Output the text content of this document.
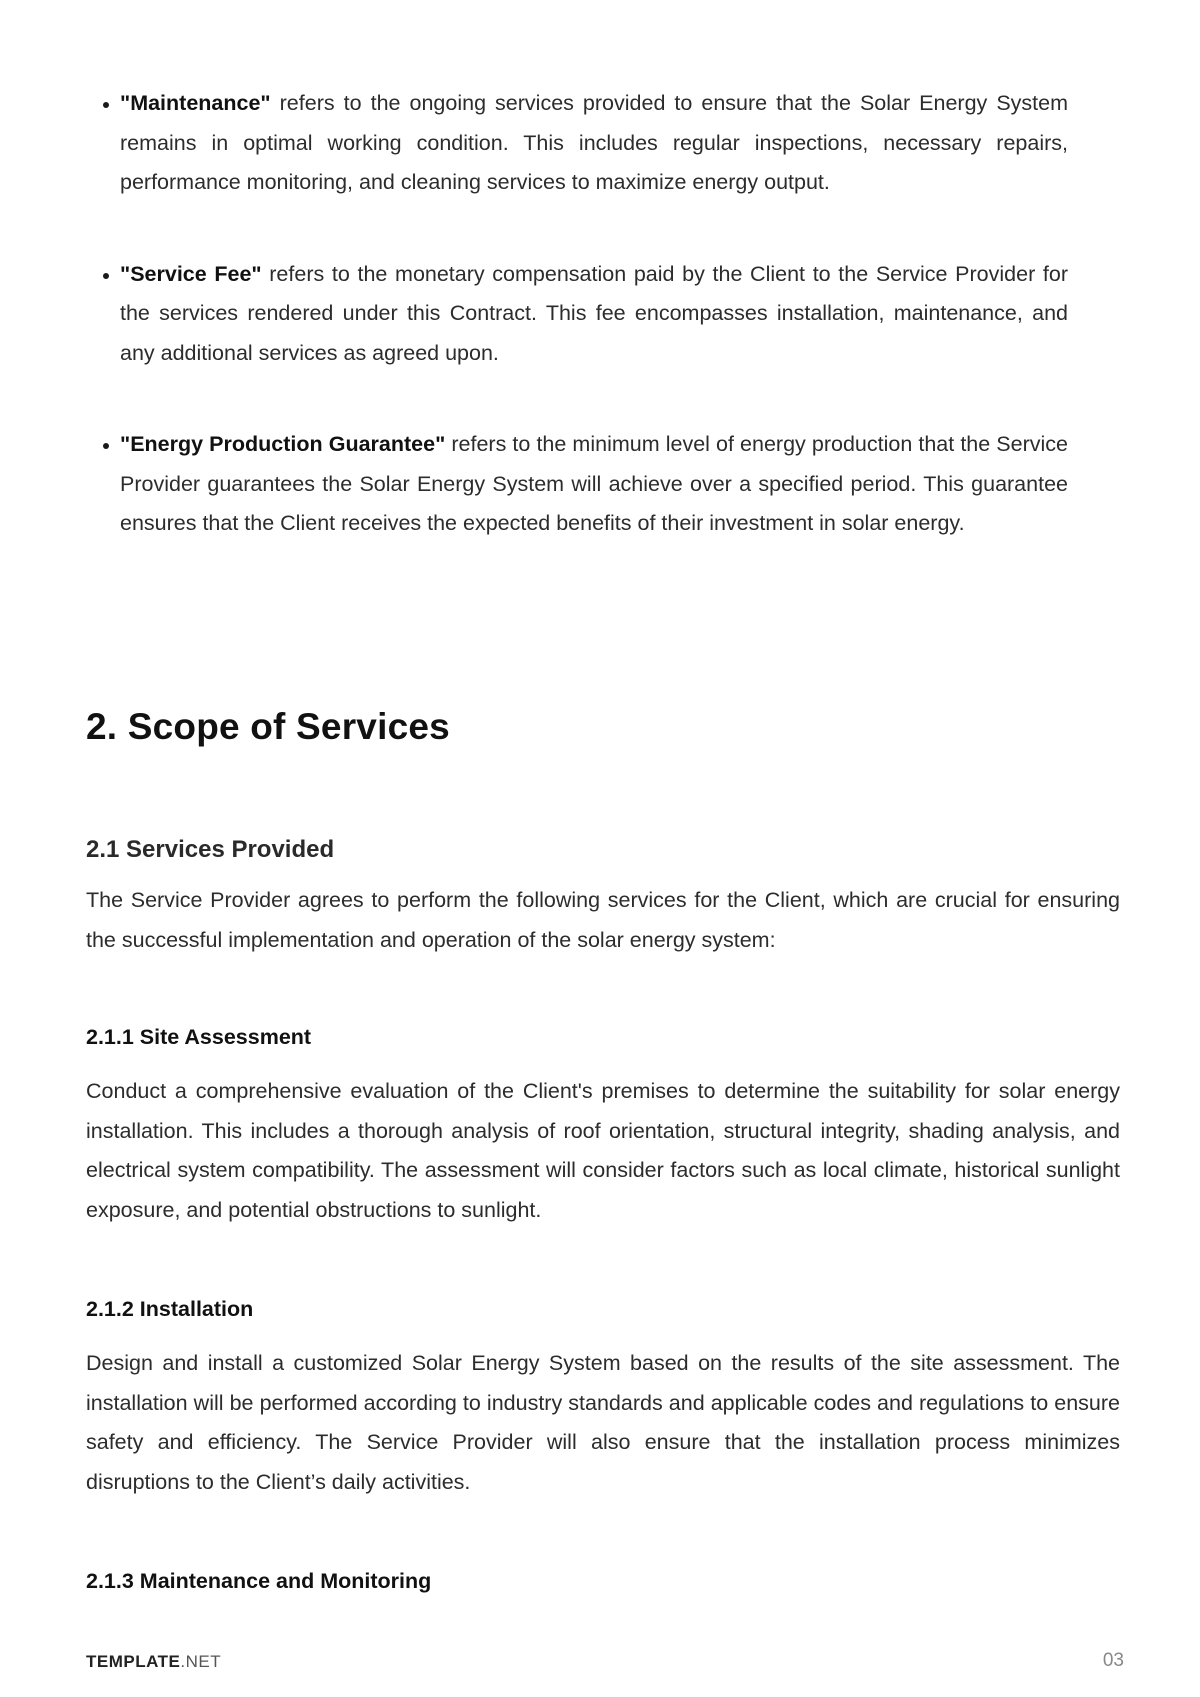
"Maintenance" refers to the ongoing services provided to ensure that the Solar Energy System remains in optimal working condition. This includes regular inspections, necessary repairs, performance monitoring, and cleaning services to maximize energy output.
"Service Fee" refers to the monetary compensation paid by the Client to the Service Provider for the services rendered under this Contract. This fee encompasses installation, maintenance, and any additional services as agreed upon.
"Energy Production Guarantee" refers to the minimum level of energy production that the Service Provider guarantees the Solar Energy System will achieve over a specified period. This guarantee ensures that the Client receives the expected benefits of their investment in solar energy.
2. Scope of Services
2.1 Services Provided

The Service Provider agrees to perform the following services for the Client, which are crucial for ensuring the successful implementation and operation of the solar energy system:

2.1.1 Site Assessment

Conduct a comprehensive evaluation of the Client's premises to determine the suitability for solar energy installation. This includes a thorough analysis of roof orientation, structural integrity, shading analysis, and electrical system compatibility. The assessment will consider factors such as local climate, historical sunlight exposure, and potential obstructions to sunlight.

2.1.2 Installation

Design and install a customized Solar Energy System based on the results of the site assessment. The installation will be performed according to industry standards and applicable codes and regulations to ensure safety and efficiency. The Service Provider will also ensure that the installation process minimizes disruptions to the Client’s daily activities.

2.1.3 Maintenance and Monitoring
TEMPLATE.NET	03
